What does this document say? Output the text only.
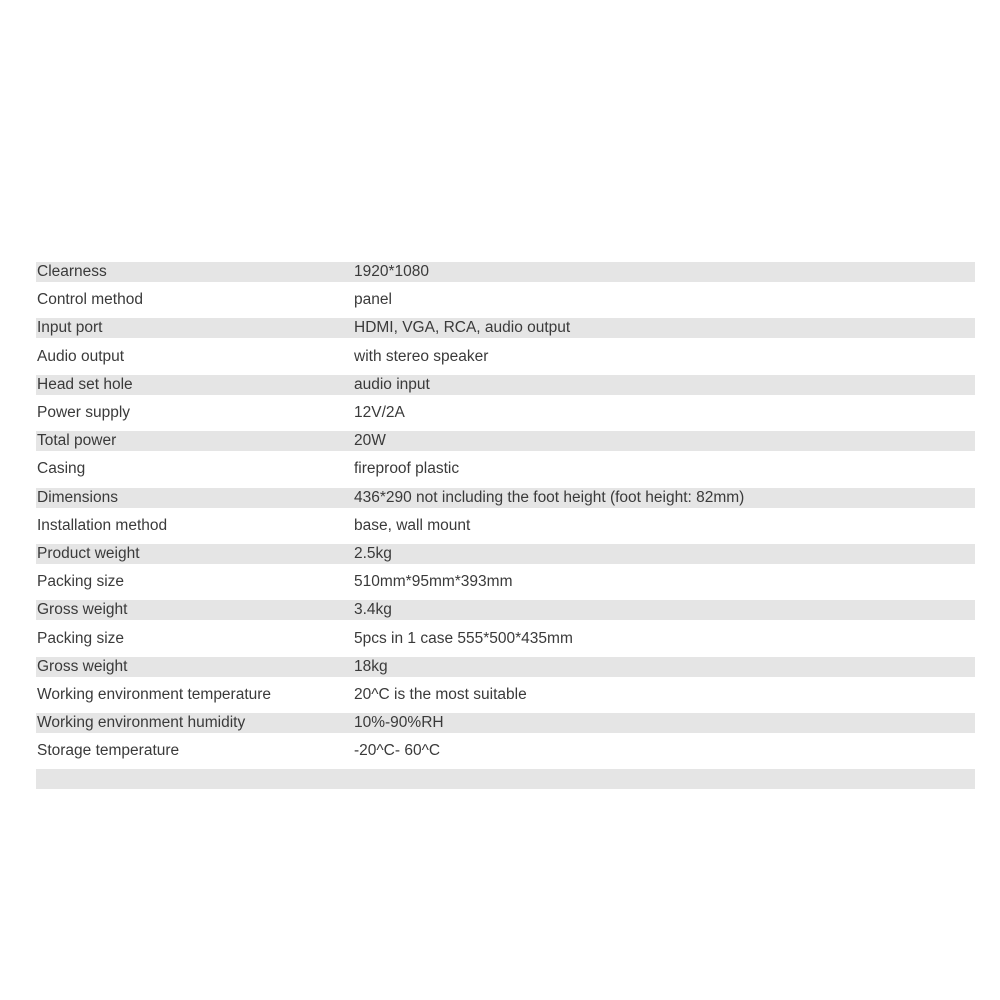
Clearness	1920*1080
Control method	panel
Input port	HDMI, VGA, RCA, audio output
Audio output	with stereo speaker
Head set hole	audio input
Power supply	12V/2A
Total power	20W
Casing	fireproof plastic
Dimensions	436*290 not including the foot height (foot height: 82mm)
Installation method	base, wall mount
Product weight	2.5kg
Packing size	510mm*95mm*393mm
Gross weight	3.4kg
Packing size	5pcs in 1 case 555*500*435mm
Gross weight	18kg
Working environment temperature	20^C is the most suitable
Working environment humidity	10%-90%RH
Storage temperature	-20^C- 60^C
